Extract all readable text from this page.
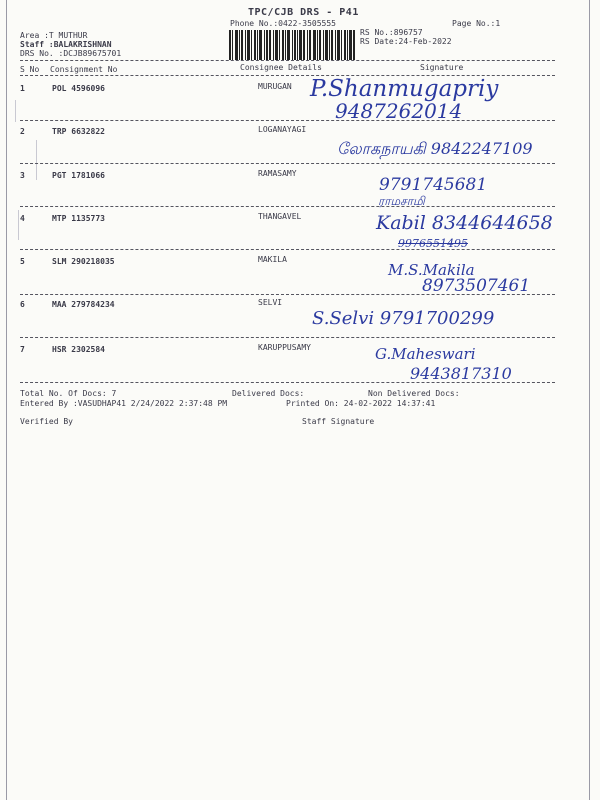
TPC/CJB DRS - P41
Phone No.:0422-3505555	Page No.:1
Area :T MUTHUR
Staff :BALAKRISHNAN
DRS No. :DCJB89675701
RS No.:896757
RS Date:24-Feb-2022
S No Consignment No	Consignee Details	Signature
1	POL 4596096	MURUGAN P.Shanmugapriy
9487262014
2	TRP 6632822	LOGANAYAGI
லோகநாயகி 9842247109
3	PGT 1781066	RAMASAMY
9791745681
ராமசாமி
4	MTP 1135773	THANGAVEL	Kabil 8344644658
9976551495
5	SLM 290218035	MAKILA
M.S.Makila
8973507461
6	MAA 279784234	SELVI
S.Selvi 9791700299
7	HSR 2302584	KARUPPUSAMY	G.Maheswari
9443817310
Total No. Of Docs: 7	Delivered Docs:	Non Delivered Docs:
Entered By :VASUDHAP41 2/24/2022 2:37:48 PM	Printed On: 24-02-2022 14:37:41
Verified By	Staff Signature
